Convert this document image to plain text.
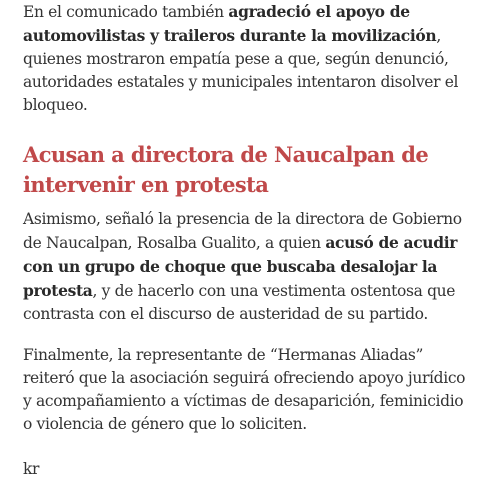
En el comunicado también agradeció el apoyo de automovilistas y traileros durante la movilización, quienes mostraron empatía pese a que, según denunció, autoridades estatales y municipales intentaron disolver el bloqueo.

Acusan a directora de Naucalpan de intervenir en protesta

Asimismo, señaló la presencia de la directora de Gobierno de Naucalpan, Rosalba Gualito, a quien acusó de acudir con un grupo de choque que buscaba desalojar la protesta, y de hacerlo con una vestimenta ostentosa que contrasta con el discurso de austeridad de su partido.

Finalmente, la representante de “Hermanas Aliadas” reiteró que la asociación seguirá ofreciendo apoyo jurídico y acompañamiento a víctimas de desaparición, feminicidio o violencia de género que lo soliciten.

kr
